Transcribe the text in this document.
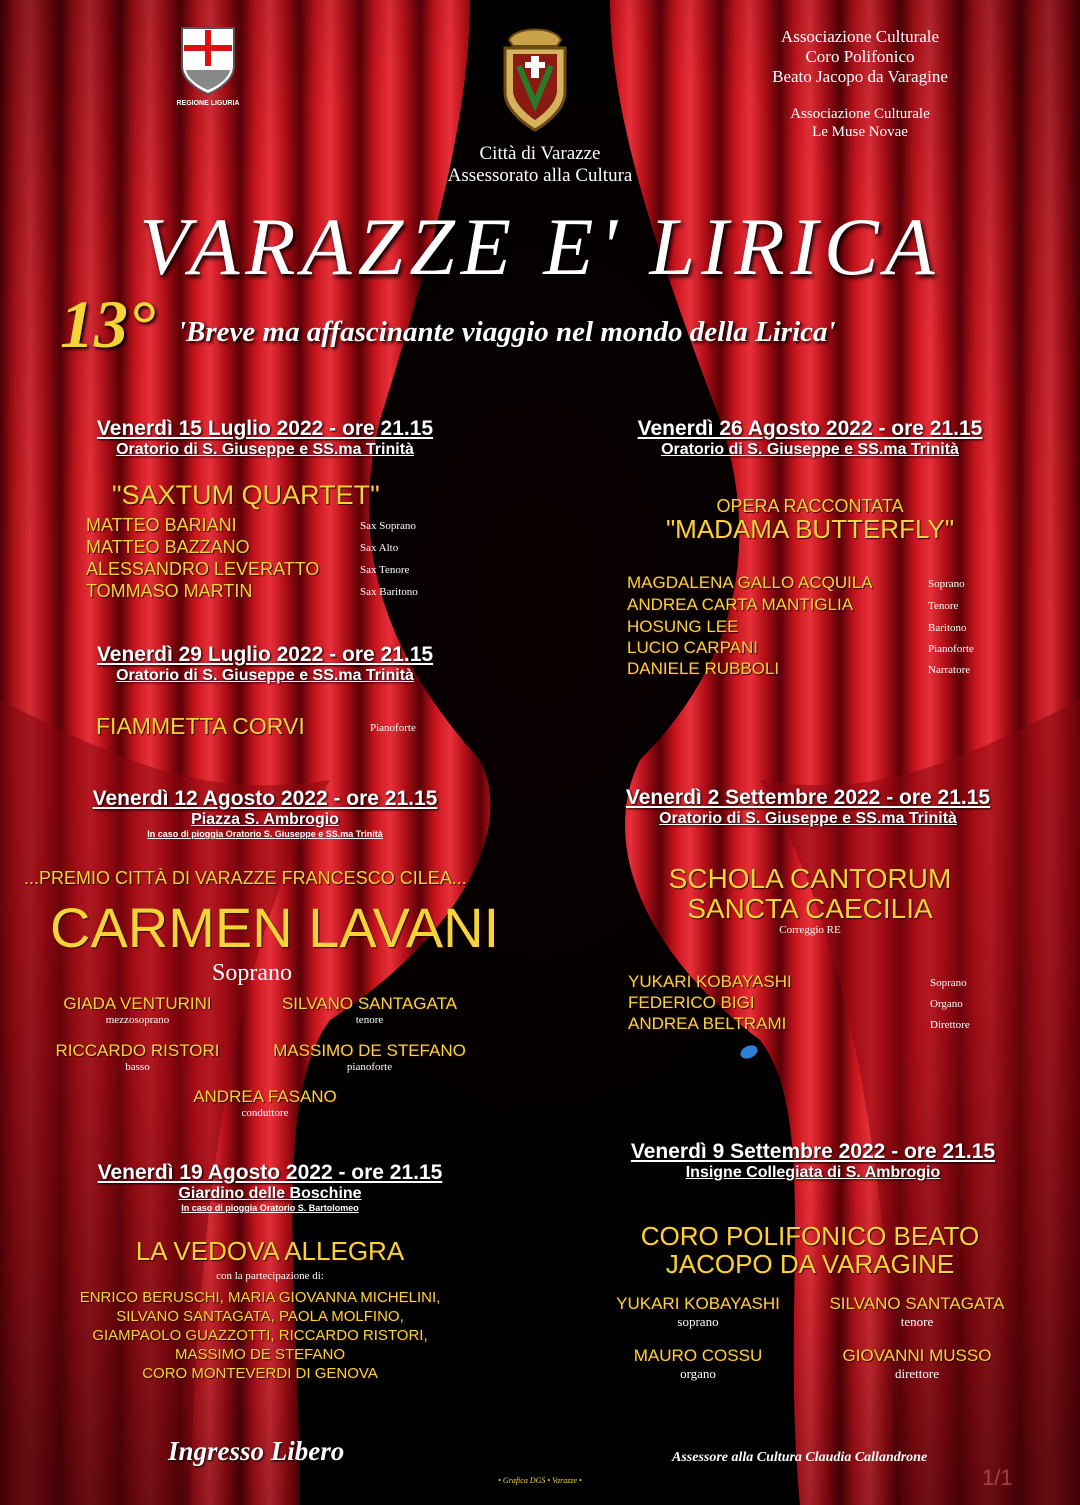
REGIONE LIGURIA
Città di Varazze
Assessorato alla Cultura
Associazione Culturale
Coro Polifonico
Beato Jacopo da Varagine
Associazione Culturale
Le Muse Novae
VARAZZE E' LIRICA
13° 'Breve ma affascinante viaggio nel mondo della Lirica'
Venerdì 15 Luglio 2022 - ore 21.15
Oratorio di S. Giuseppe e SS.ma Trinità
"SAXTUM QUARTET"
MATTEO BARIANI	Sax Soprano
MATTEO BAZZANO	Sax Alto
ALESSANDRO LEVERATTO	Sax Tenore
TOMMASO MARTIN	Sax Baritono
Venerdì 29 Luglio 2022 - ore 21.15
Oratorio di S. Giuseppe e SS.ma Trinità
FIAMMETTA CORVI	Pianoforte
Venerdì 12 Agosto 2022 - ore 21.15
Piazza S. Ambrogio
In caso di pioggia Oratorio S. Giuseppe e SS.ma Trinità
...PREMIO CITTÀ DI VARAZZE FRANCESCO CILEA...
CARMEN LAVANI
Soprano
GIADA VENTURINI
mezzosoprano
SILVANO SANTAGATA
tenore
RICCARDO RISTORI
basso
MASSIMO DE STEFANO
pianoforte
ANDREA FASANO
conduttore
Venerdì 19 Agosto 2022 - ore 21.15
Giardino delle Boschine
In caso di pioggia Oratorio S. Bartolomeo
LA VEDOVA ALLEGRA
con la partecipazione di:
ENRICO BERUSCHI, MARIA GIOVANNA MICHELINI,
SILVANO SANTAGATA, PAOLA MOLFINO,
GIAMPAOLO GUAZZOTTI, RICCARDO RISTORI,
MASSIMO DE STEFANO
CORO MONTEVERDI DI GENOVA
Venerdì 26 Agosto 2022 - ore 21.15
Oratorio di S. Giuseppe e SS.ma Trinità
OPERA RACCONTATA
"MADAMA BUTTERFLY"
MAGDALENA GALLO ACQUILA	Soprano
ANDREA CARTA MANTIGLIA	Tenore
HOSUNG LEE	Baritono
LUCIO CARPANI	Pianoforte
DANIELE RUBBOLI	Narratore
Venerdì 2 Settembre 2022 - ore 21.15
Oratorio di S. Giuseppe e SS.ma Trinità
SCHOLA CANTORUM
SANCTA CAECILIA
Correggio RE
YUKARI KOBAYASHI	Soprano
FEDERICO BIGI	Organo
ANDREA BELTRAMI	Direttore
Venerdì 9 Settembre 2022 - ore 21.15
Insigne Collegiata di S. Ambrogio
CORO POLIFONICO BEATO
JACOPO DA VARAGINE
YUKARI KOBAYASHI
soprano
SILVANO SANTAGATA
tenore
MAURO COSSU
organo
GIOVANNI MUSSO
direttore
Ingresso Libero
• Grafica DGS • Varazze •
Assessore alla Cultura Claudia Callandrone
1/1
